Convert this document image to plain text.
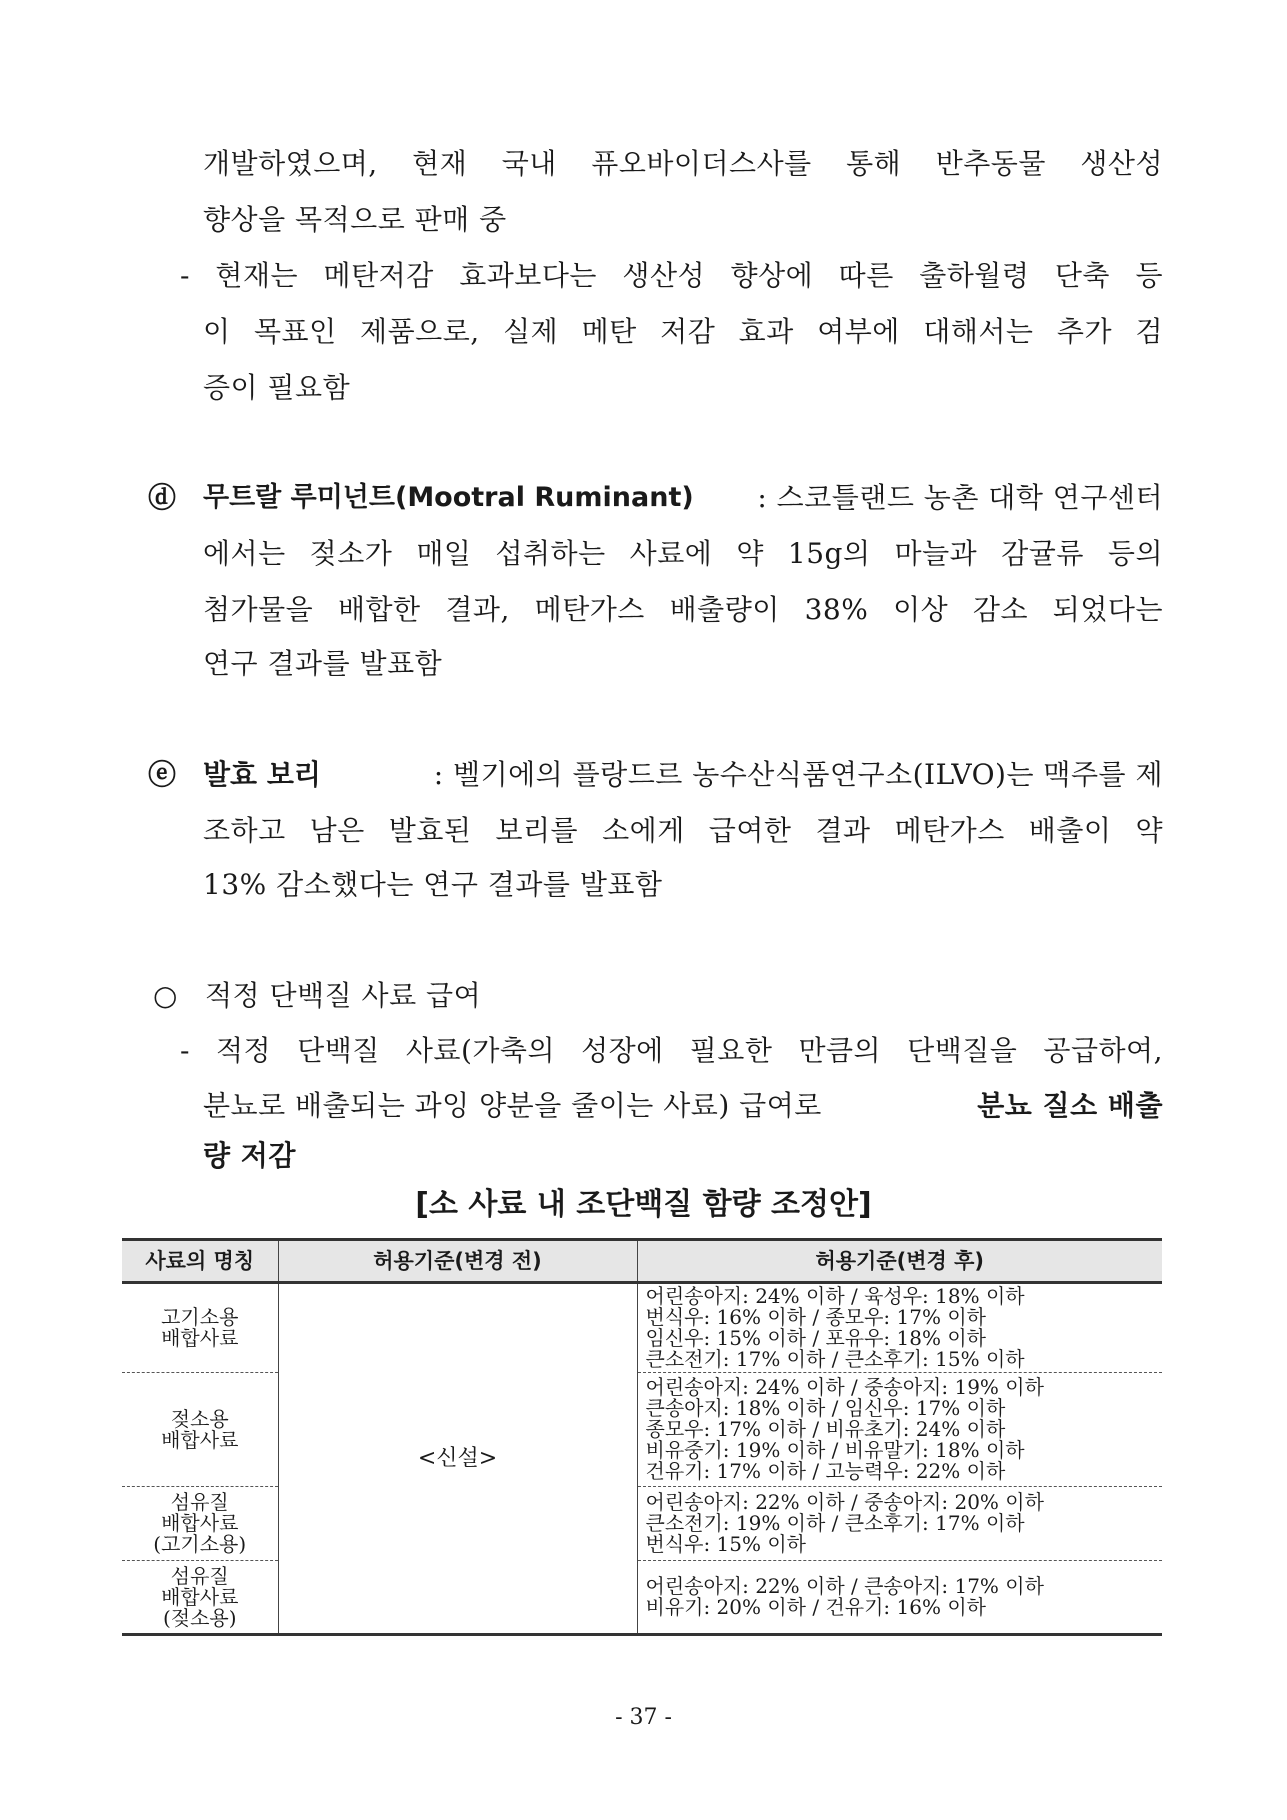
개발하였으며, 현재 국내 퓨오바이더스사를 통해 반추동물 생산성
향상을 목적으로 판매 중
- 현재는 메탄저감 효과보다는 생산성 향상에 따른 출하월령 단축 등
이 목표인 제품으로, 실제 메탄 저감 효과 여부에 대해서는 추가 검
증이 필요함
ⓓ 무트랄 루미넌트(Mootral Ruminant)	: 스코틀랜드 농촌 대학 연구센터
에서는 젖소가 매일 섭취하는 사료에 약 15g의 마늘과 감귤류 등의
첨가물을 배합한 결과, 메탄가스 배출량이 38% 이상 감소 되었다는
연구 결과를 발표함
ⓔ 발효 보리	: 벨기에의 플랑드르 농수산식품연구소(ILVO)는 맥주를 제
조하고 남은 발효된 보리를 소에게 급여한 결과 메탄가스 배출이 약
13% 감소했다는 연구 결과를 발표함
○ 적정 단백질 사료 급여
- 적정 단백질 사료(가축의 성장에 필요한 만큼의 단백질을 공급하여,
분뇨로 배출되는 과잉 양분을 줄이는 사료) 급여로	분뇨 질소 배출
량 저감
[소 사료 내 조단백질 함량 조정안]
사료의 명칭	허용기준(변경 전)	허용기준(변경 후)

고기소용
배합사료	<신설>	어린송아지: 24% 이하 / 육성우: 18% 이하
번식우: 16% 이하 / 종모우: 17% 이하
임신우: 15% 이하 / 포유우: 18% 이하
큰소전기: 17% 이하 / 큰소후기: 15% 이하

젖소용
배합사료		어린송아지: 24% 이하 / 중송아지: 19% 이하
큰송아지: 18% 이하 / 임신우: 17% 이하
종모우: 17% 이하 / 비유초기: 24% 이하
비유중기: 19% 이하 / 비유말기: 18% 이하
건유기: 17% 이하 / 고능력우: 22% 이하

섬유질
배합사료
(고기소용)		어린송아지: 22% 이하 / 중송아지: 20% 이하
큰소전기: 19% 이하 / 큰소후기: 17% 이하
번식우: 15% 이하

섬유질
배합사료
(젖소용)		어린송아지: 22% 이하 / 큰송아지: 17% 이하
비유기: 20% 이하 / 건유기: 16% 이하
- 37 -
